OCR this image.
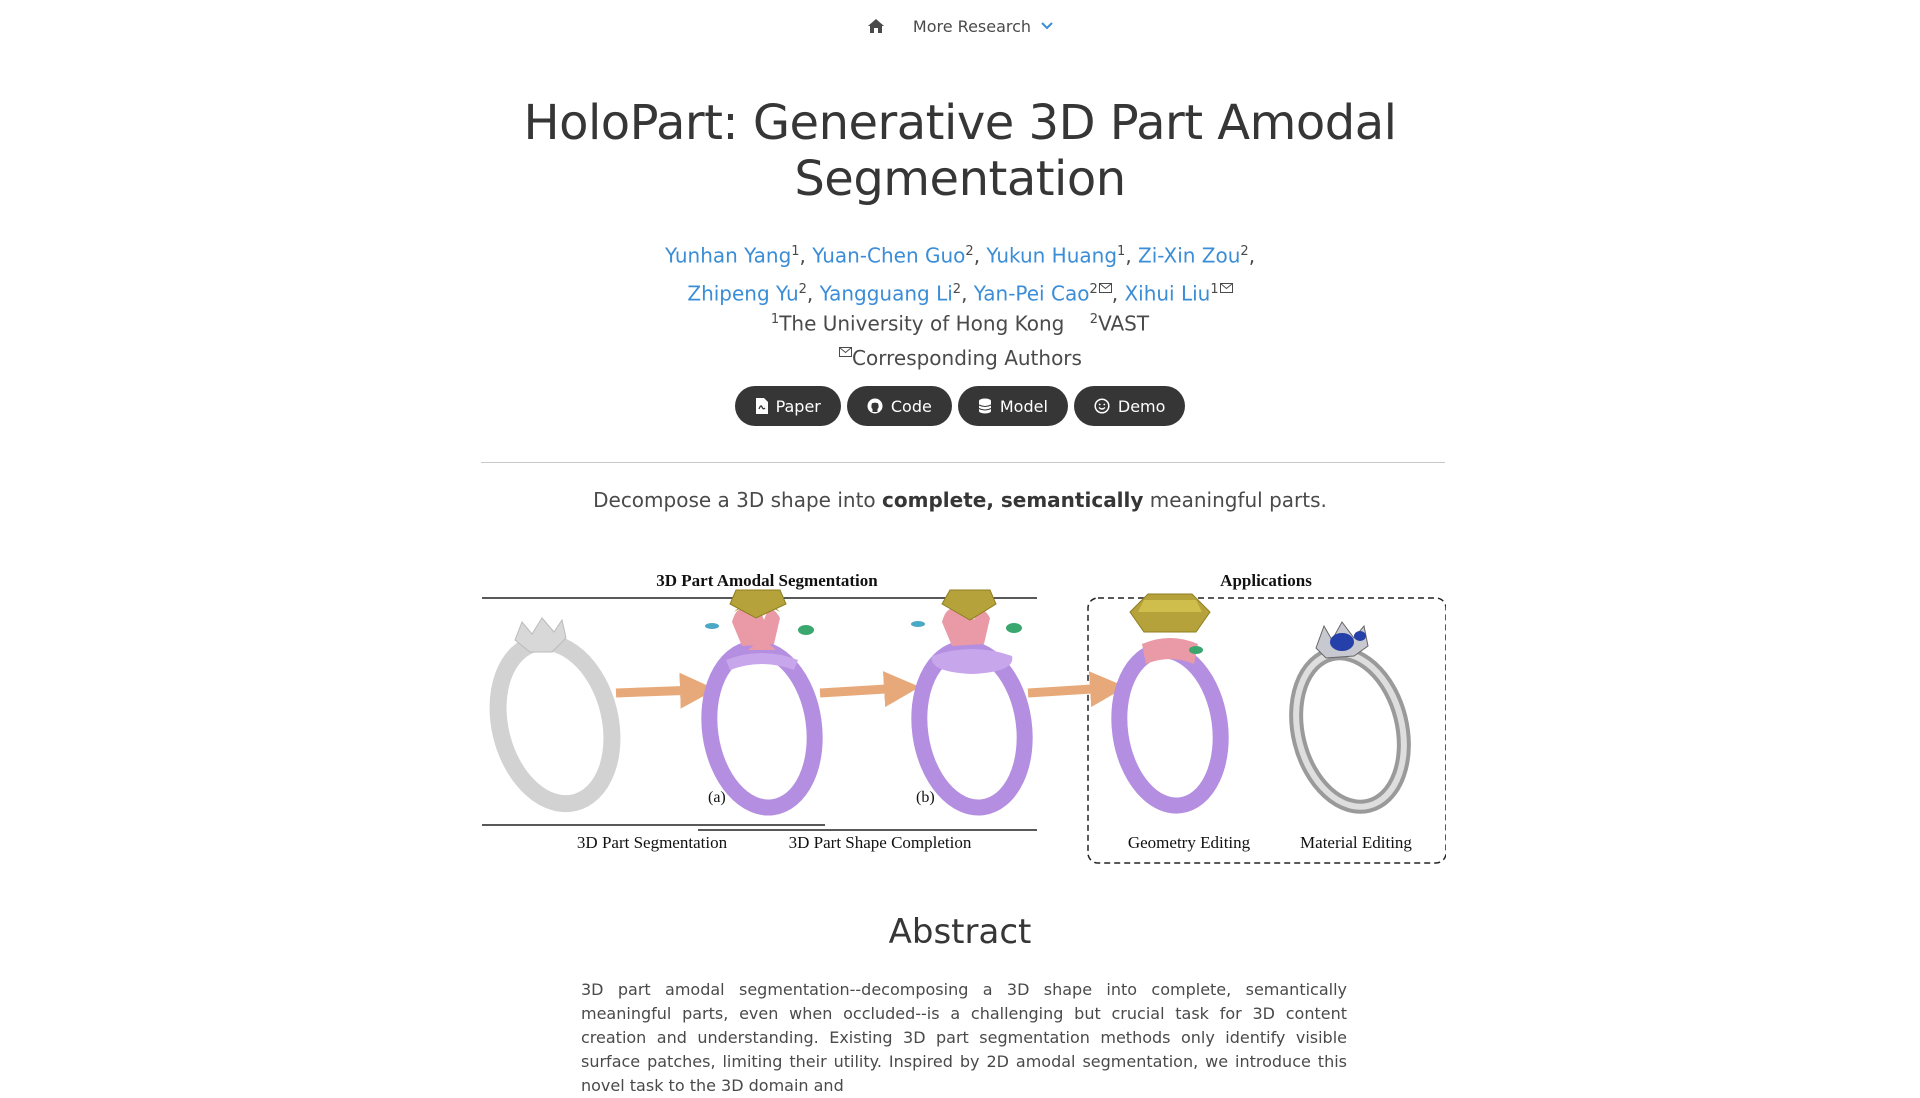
More Research
HoloPart: Generative 3D Part Amodal
Segmentation
Yunhan Yang$^1$, Yuan-Chen Guo$^2$, Yukun Huang$^1$, Zi-Xin Zou$^2$,
Zhipeng Yu$^2$, Yangguang Li$^2$, Yan-Pei Cao$^2$ , Xihui Liu$^1$
$^1$The University of Hong Kong $^2$VAST
Corresponding Authors
Paper	Code	Model	Demo
Decompose a 3D shape into complete, semantically meaningful parts.
3D Part Amodal Segmentation	Applications
(a)	(b)
3D Part Segmentation	3D Part Shape Completion	Geometry Editing	Material Editing
Abstract

3D part amodal segmentation--decomposing a 3D shape into complete, semantically meaningful parts, even when occluded--is a challenging but crucial task for 3D content creation and understanding. Existing 3D part segmentation methods only identify visible surface patches, limiting their utility. Inspired by 2D amodal segmentation, we introduce this novel task to the 3D domain and
